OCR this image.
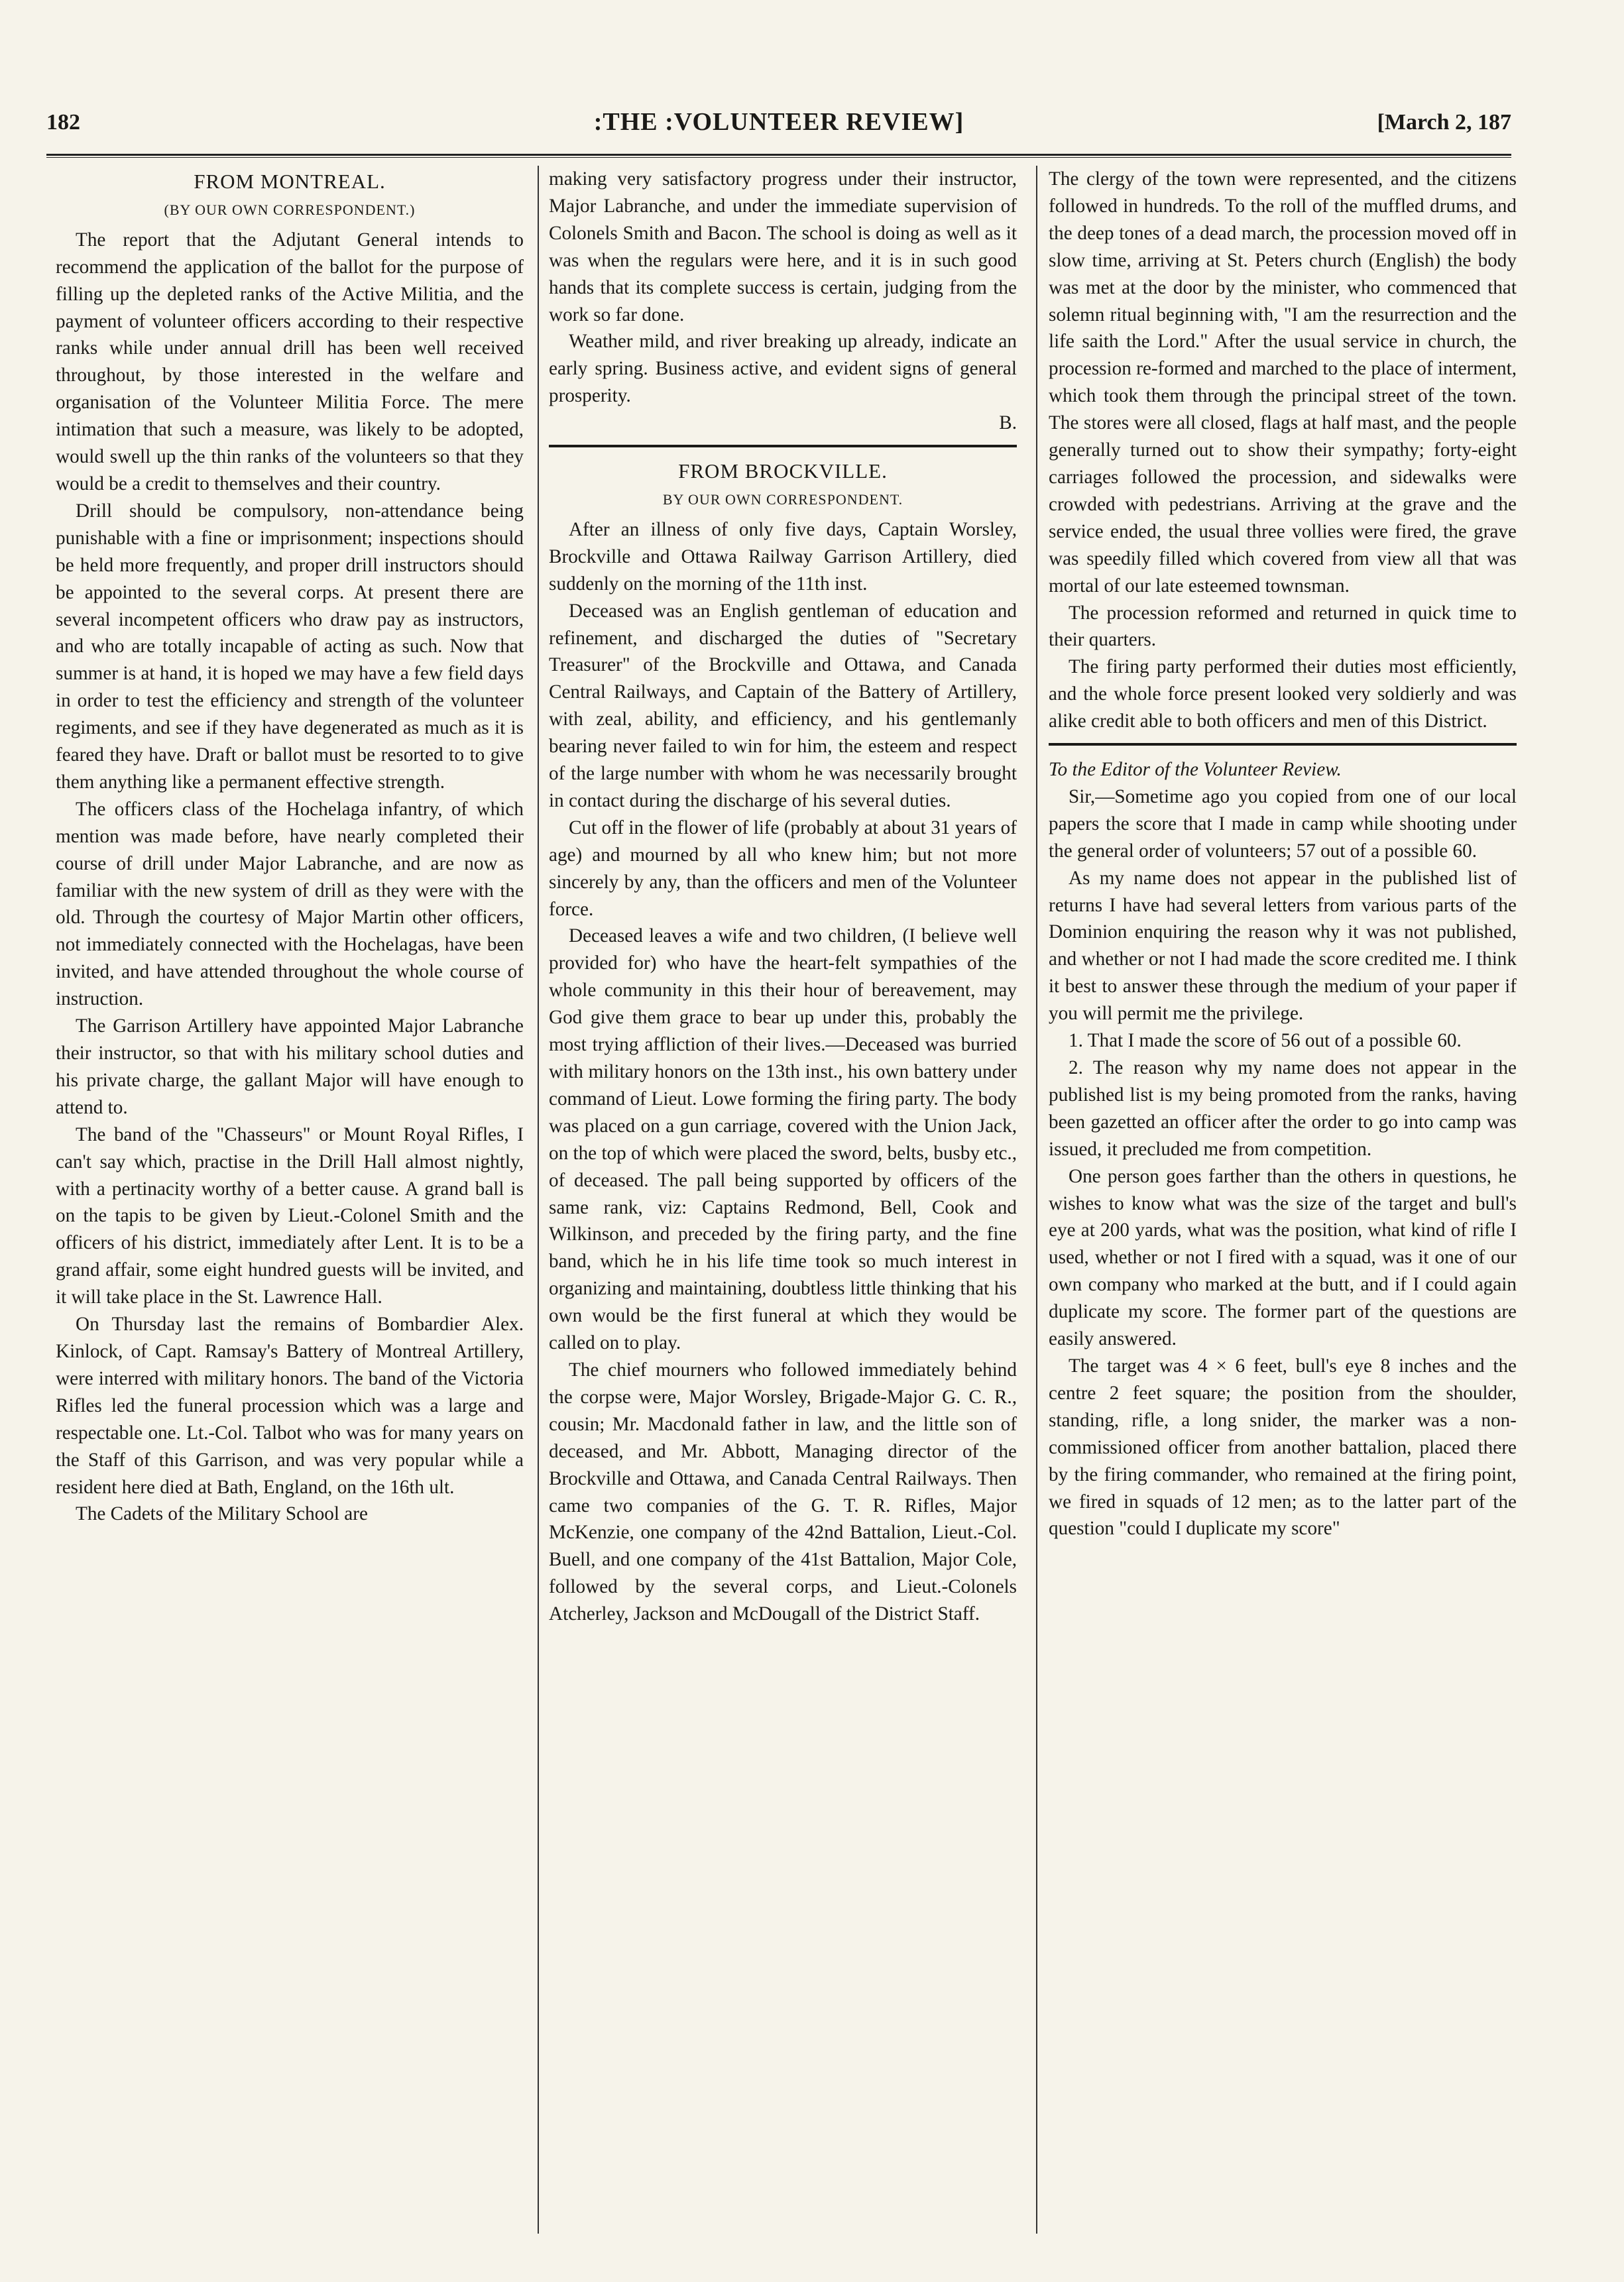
182	:THE :VOLUNTEER REVIEW]	[March 2, 187
FROM MONTREAL.
(BY OUR OWN CORRESPONDENT.)

The report that the Adjutant General intends to recommend the application of the ballot for the purpose of filling up the depleted ranks of the Active Militia, and the payment of volunteer officers according to their respective ranks while under annual drill has been well received throughout, by those interested in the welfare and organisation of the Volunteer Militia Force. The mere intimation that such a measure, was likely to be adopted, would swell up the thin ranks of the volunteers so that they would be a credit to themselves and their country.

Drill should be compulsory, non-attendance being punishable with a fine or imprisonment; inspections should be held more frequently, and proper drill instructors should be appointed to the several corps. At present there are several incompetent officers who draw pay as instructors, and who are totally incapable of acting as such. Now that summer is at hand, it is hoped we may have a few field days in order to test the efficiency and strength of the volunteer regiments, and see if they have degenerated as much as it is feared they have. Draft or ballot must be resorted to to give them anything like a permanent effective strength.

The officers class of the Hochelaga infantry, of which mention was made before, have nearly completed their course of drill under Major Labranche, and are now as familiar with the new system of drill as they were with the old. Through the courtesy of Major Martin other officers, not immediately connected with the Hochelagas, have been invited, and have attended throughout the whole course of instruction.

The Garrison Artillery have appointed Major Labranche their instructor, so that with his military school duties and his private charge, the gallant Major will have enough to attend to.

The band of the "Chasseurs" or Mount Royal Rifles, I can't say which, practise in the Drill Hall almost nightly, with a pertinacity worthy of a better cause. A grand ball is on the tapis to be given by Lieut.-Colonel Smith and the officers of his district, immediately after Lent. It is to be a grand affair, some eight hundred guests will be invited, and it will take place in the St. Lawrence Hall.

On Thursday last the remains of Bombardier Alex. Kinlock, of Capt. Ramsay's Battery of Montreal Artillery, were interred with military honors. The band of the Victoria Rifles led the funeral procession which was a large and respectable one. Lt.-Col. Talbot who was for many years on the Staff of this Garrison, and was very popular while a resident here died at Bath, England, on the 16th ult.

The Cadets of the Military School are

making very satisfactory progress under their instructor, Major Labranche, and under the immediate supervision of Colonels Smith and Bacon. The school is doing as well as it was when the regulars were here, and it is in such good hands that its complete success is certain, judging from the work so far done.

Weather mild, and river breaking up already, indicate an early spring. Business active, and evident signs of general prosperity.

B.

FROM BROCKVILLE.
BY OUR OWN CORRESPONDENT.

After an illness of only five days, Captain Worsley, Brockville and Ottawa Railway Garrison Artillery, died suddenly on the morning of the 11th inst.

Deceased was an English gentleman of education and refinement, and discharged the duties of "Secretary Treasurer" of the Brockville and Ottawa, and Canada Central Railways, and Captain of the Battery of Artillery, with zeal, ability, and efficiency, and his gentlemanly bearing never failed to win for him, the esteem and respect of the large number with whom he was necessarily brought in contact during the discharge of his several duties.

Cut off in the flower of life (probably at about 31 years of age) and mourned by all who knew him; but not more sincerely by any, than the officers and men of the Volunteer force.

Deceased leaves a wife and two children, (I believe well provided for) who have the heart-felt sympathies of the whole community in this their hour of bereavement, may God give them grace to bear up under this, probably the most trying affliction of their lives.—Deceased was burried with military honors on the 13th inst., his own battery under command of Lieut. Lowe forming the firing party. The body was placed on a gun carriage, covered with the Union Jack, on the top of which were placed the sword, belts, busby etc., of deceased. The pall being supported by officers of the same rank, viz: Captains Redmond, Bell, Cook and Wilkinson, and preceded by the firing party, and the fine band, which he in his life time took so much interest in organizing and maintaining, doubtless little thinking that his own would be the first funeral at which they would be called on to play.

The chief mourners who followed immediately behind the corpse were, Major Worsley, Brigade-Major G. C. R., cousin; Mr. Macdonald father in law, and the little son of deceased, and Mr. Abbott, Managing director of the Brockville and Ottawa, and Canada Central Railways. Then came two companies of the G. T. R. Rifles, Major McKenzie, one company of the 42nd Battalion, Lieut.-Col. Buell, and one company of the 41st Battalion, Major Cole, followed by the several corps, and Lieut.-Colonels Atcherley, Jackson and McDougall of the District Staff.

The clergy of the town were represented, and the citizens followed in hundreds. To the roll of the muffled drums, and the deep tones of a dead march, the procession moved off in slow time, arriving at St. Peters church (English) the body was met at the door by the minister, who commenced that solemn ritual beginning with, "I am the resurrection and the life saith the Lord." After the usual service in church, the procession re-formed and marched to the place of interment, which took them through the principal street of the town. The stores were all closed, flags at half mast, and the people generally turned out to show their sympathy; forty-eight carriages followed the procession, and sidewalks were crowded with pedestrians. Arriving at the grave and the service ended, the usual three vollies were fired, the grave was speedily filled which covered from view all that was mortal of our late esteemed townsman.

The procession reformed and returned in quick time to their quarters.

The firing party performed their duties most efficiently, and the whole force present looked very soldierly and was alike credit able to both officers and men of this District.

To the Editor of the Volunteer Review.

Sir,—Sometime ago you copied from one of our local papers the score that I made in camp while shooting under the general order of volunteers; 57 out of a possible 60.

As my name does not appear in the published list of returns I have had several letters from various parts of the Dominion enquiring the reason why it was not published, and whether or not I had made the score credited me. I think it best to answer these through the medium of your paper if you will permit me the privilege.

1. That I made the score of 56 out of a possible 60.

2. The reason why my name does not appear in the published list is my being promoted from the ranks, having been gazetted an officer after the order to go into camp was issued, it precluded me from competition.

One person goes farther than the others in questions, he wishes to know what was the size of the target and bull's eye at 200 yards, what was the position, what kind of rifle I used, whether or not I fired with a squad, was it one of our own company who marked at the butt, and if I could again duplicate my score. The former part of the questions are easily answered.

The target was 4 × 6 feet, bull's eye 8 inches and the centre 2 feet square; the position from the shoulder, standing, rifle, a long snider, the marker was a non-commissioned officer from another battalion, placed there by the firing commander, who remained at the firing point, we fired in squads of 12 men; as to the latter part of the question "could I duplicate my score"
